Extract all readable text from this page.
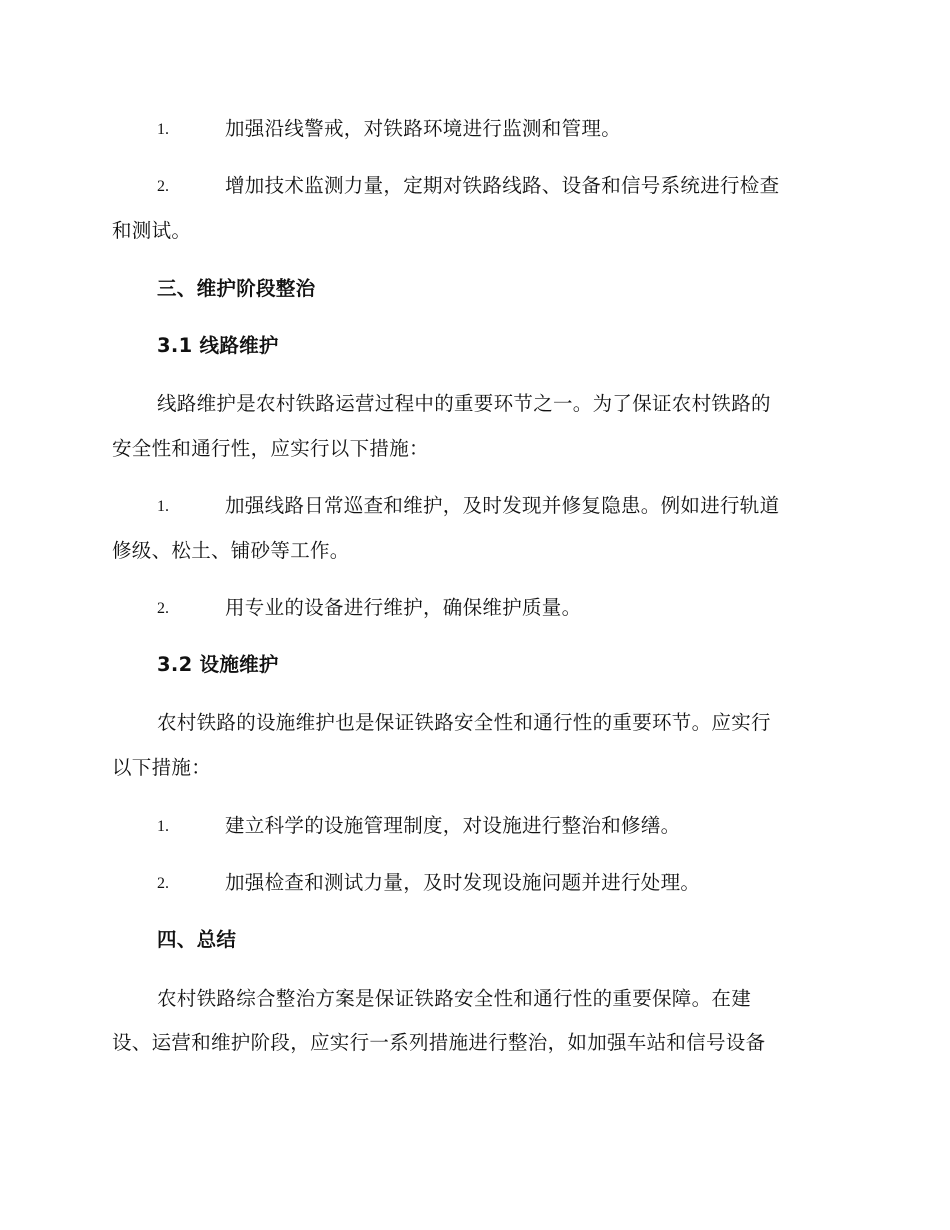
1.	加强沿线警戒，对铁路环境进行监测和管理。
2.	增加技术监测力量，定期对铁路线路、设备和信号系统进行检查
和测试。
三、维护阶段整治
3.1 线路维护
线路维护是农村铁路运营过程中的重要环节之一。为了保证农村铁路的
安全性和通行性，应实行以下措施：
1.	加强线路日常巡查和维护，及时发现并修复隐患。例如进行轨道
修级、松土、铺砂等工作。
2.	用专业的设备进行维护，确保维护质量。
3.2 设施维护
农村铁路的设施维护也是保证铁路安全性和通行性的重要环节。应实行
以下措施：
1.	建立科学的设施管理制度，对设施进行整治和修缮。
2.	加强检查和测试力量，及时发现设施问题并进行处理。
四、总结
农村铁路综合整治方案是保证铁路安全性和通行性的重要保障。在建
设、运营和维护阶段，应实行一系列措施进行整治，如加强车站和信号设备
